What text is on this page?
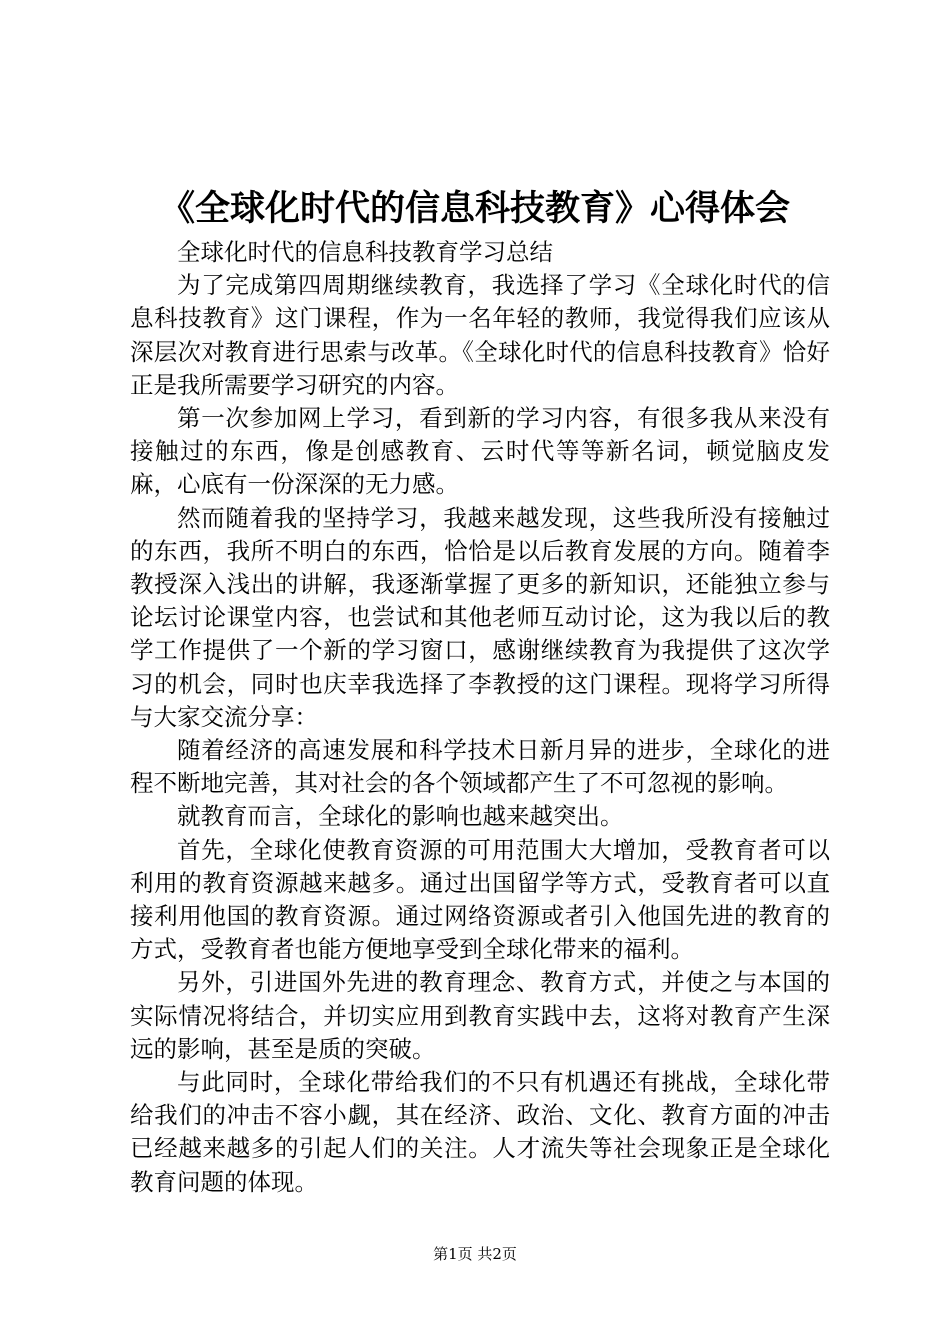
《全球化时代的信息科技教育》心得体会

全球化时代的信息科技教育学习总结

为了完成第四周期继续教育，我选择了学习《全球化时代的信息科技教育》这门课程，作为一名年轻的教师，我觉得我们应该从深层次对教育进行思索与改革。《全球化时代的信息科技教育》恰好正是我所需要学习研究的内容。

第一次参加网上学习，看到新的学习内容，有很多我从来没有接触过的东西，像是创感教育、云时代等等新名词，顿觉脑皮发麻，心底有一份深深的无力感。

然而随着我的坚持学习，我越来越发现，这些我所没有接触过的东西，我所不明白的东西，恰恰是以后教育发展的方向。随着李教授深入浅出的讲解，我逐渐掌握了更多的新知识，还能独立参与论坛讨论课堂内容，也尝试和其他老师互动讨论，这为我以后的教学工作提供了一个新的学习窗口，感谢继续教育为我提供了这次学习的机会，同时也庆幸我选择了李教授的这门课程。现将学习所得与大家交流分享：

随着经济的高速发展和科学技术日新月异的进步，全球化的进程不断地完善，其对社会的各个领域都产生了不可忽视的影响。

就教育而言，全球化的影响也越来越突出。

首先，全球化使教育资源的可用范围大大增加，受教育者可以利用的教育资源越来越多。通过出国留学等方式，受教育者可以直接利用他国的教育资源。通过网络资源或者引入他国先进的教育的方式，受教育者也能方便地享受到全球化带来的福利。

另外，引进国外先进的教育理念、教育方式，并使之与本国的实际情况将结合，并切实应用到教育实践中去，这将对教育产生深远的影响，甚至是质的突破。

与此同时，全球化带给我们的不只有机遇还有挑战，全球化带给我们的冲击不容小觑，其在经济、政治、文化、教育方面的冲击已经越来越多的引起人们的关注。人才流失等社会现象正是全球化教育问题的体现。

第1页 共2页
